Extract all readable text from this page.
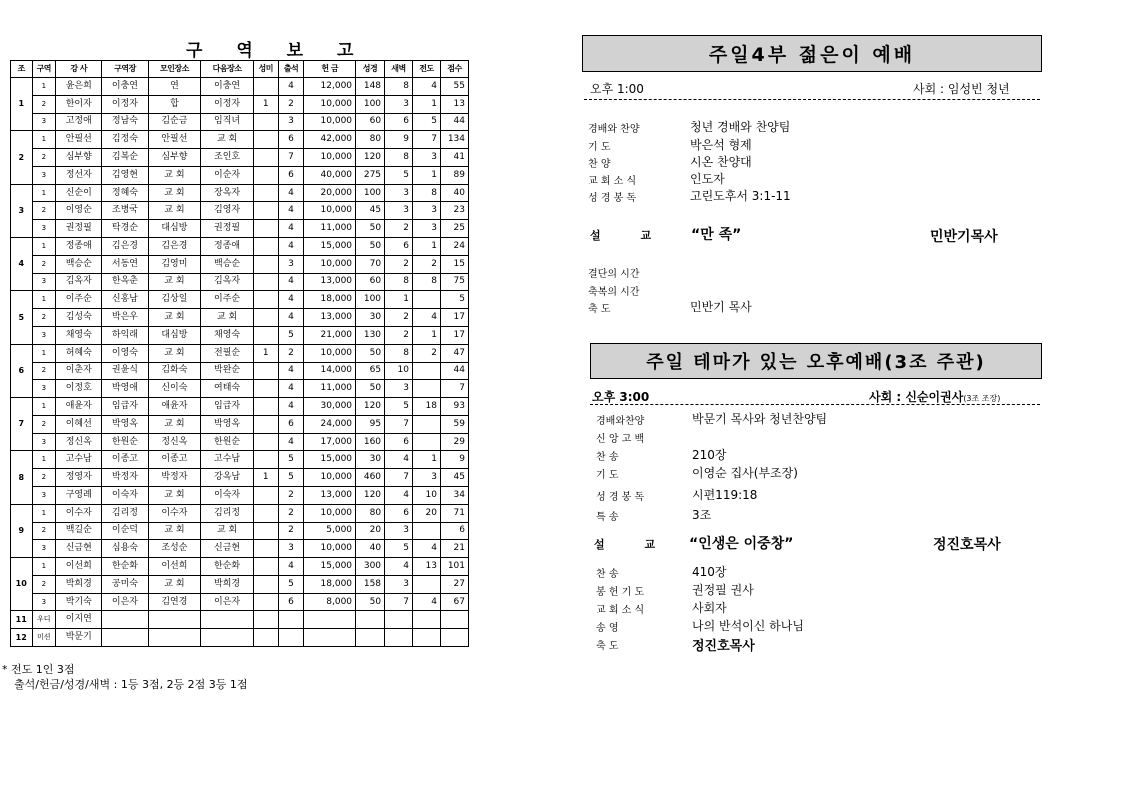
구 역 보 고
조	구역	강 사	구역장	모인장소	다음장소	성미	출석	헌 금	성경	새벽	전도	점수
1	1	윤은희	이충연	연	이충연		4	12,000	148	8	4	55
	2	한이자	이정자	합	이정자	1	2	10,000	100	3	1	13
	3	고정애	정남숙	김순금	임직녀		3	10,000	60	6	5	44
2	1	안필선	김정숙	안필선	교 회		6	42,000	80	9	7	134
	2	심부향	김복순	심부향	조인호		7	10,000	120	8	3	41
	3	정선자	김영현	교 회	이순자		6	40,000	275	5	1	89
3	1	신순이	정혜숙	교 회	장옥자		4	20,000	100	3	8	40
	2	이영순	조병국	교 회	김영자		4	10,000	45	3	3	23
	3	권정필	탁경순	대심방	권정필		4	11,000	50	2	3	25
4	1	정종애	김은경	김은경	정종애		4	15,000	50	6	1	24
	2	백승순	서동연	김영미	백승순		3	10,000	70	2	2	15
	3	김옥자	한옥춘	교 회	김옥자		4	13,000	60	8	8	75
5	1	이주순	신홍남	김상일	이주순		4	18,000	100	1		5
	2	김성숙	박은우	교 회	교 회		4	13,000	30	2	4	17
	3	채영숙	하익래	대심방	채영숙		5	21,000	130	2	1	17
6	1	허혜숙	이영숙	교 회	전필순	1	2	10,000	50	8	2	47
	2	이춘자	권윤식	김화숙	박완순		4	14,000	65	10		44
	3	이정호	박영애	신이숙	여태숙		4	11,000	50	3		7
7	1	애윤자	임급자	애윤자	임급자		4	30,000	120	5	18	93
	2	이혜선	박영옥	교 회	박영옥		6	24,000	95	7		59
	3	정신옥	한원순	정신옥	한원순		4	17,000	160	6		29
8	1	고수남	이종고	이종고	고수남		5	15,000	30	4	1	9
	2	정영자	박정자	박정자	강옥남	1	5	10,000	460	7	3	45
	3	구영례	이숙자	교 회	이숙자		2	13,000	120	4	10	34
9	1	이수자	김리정	이수자	김리정		2	10,000	80	6	20	71
	2	백길순	이순덕	교 회	교 회		2	5,000	20	3		6
	3	신금현	심용숙	조성순	신금현		3	10,000	40	5	4	21
10	1	이선희	한순화	이선희	한순화		4	15,000	300	4	13	101
	2	박희경	공미숙	교 회	박희경		5	18,000	158	3		27
	3	박기숙	이은자	김연경	이은자		6	8,000	50	7	4	67
11	우디	이지연										
12	미션	박문기										
* 전도 1인 3점
출석/헌금/성경/새벽 : 1등 3점, 2등 2점 3등 1점
주일4부 젊은이 예배
오후 1:00	사회 : 임성빈 청년
경배와 찬양	청년 경배와 찬양팀
기 도	박은석 형제
찬 양	시온 찬양대
교 회 소 식	인도자
성 경 봉 독	고린도후서 3:1-11
설 교 “만 족”	민반기목사
결단의 시간
축복의 시간
축 도	민반기 목사
주일 테마가 있는 오후예배(3조 주관)
오후 3:00	사회 : 신순이권사(3조 조장)
경배와찬양	박문기 목사와 청년찬양팀
신 앙 고 백
찬 송	210장
기 도	이영순 집사(부조장)
성 경 봉 독	시편119:18
특 송	3조
설 교 “인생은 이중창”	정진호목사
찬 송	410장
봉 헌 기 도	권정필 권사
교 회 소 식	사회자
송 영	나의 반석이신 하나님
축 도	정진호목사
